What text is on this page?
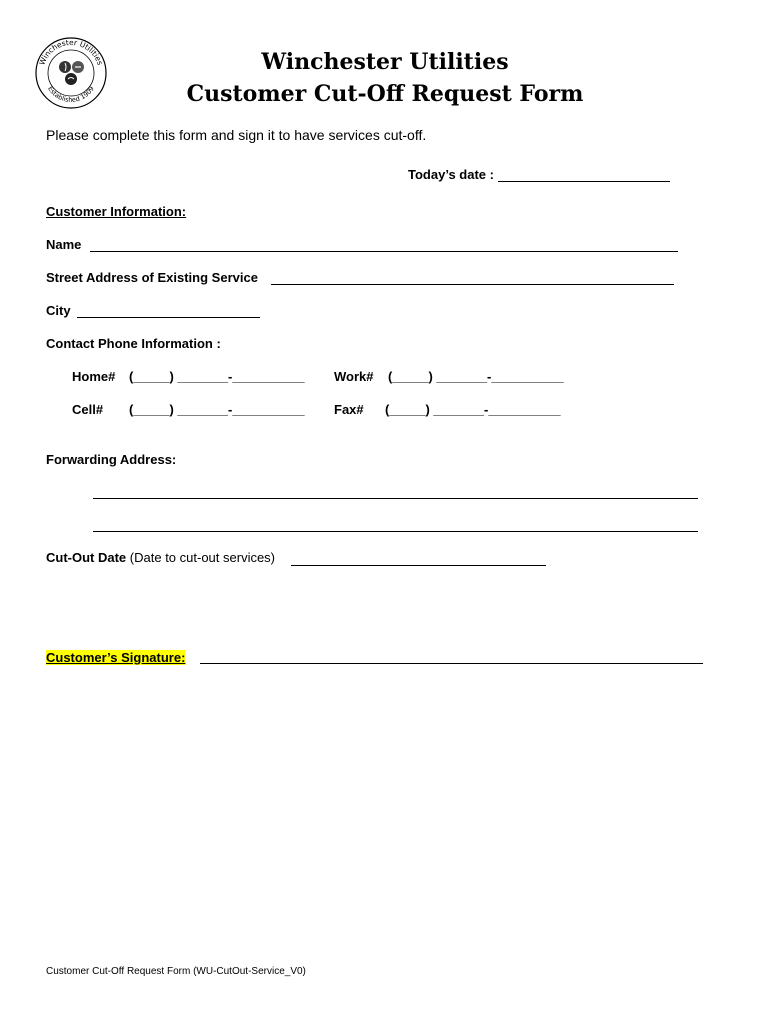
Winchester Utilities
Established 1909
Winchester Utilities
Customer Cut-Off Request Form
Please complete this form and sign it to have services cut-off.
Today’s date :
Customer Information:
Name
Street Address of Existing Service
City
Contact Phone Information :
Home# (_____) _______-__________ Work# (_____) _______-__________
Cell# (_____) _______-__________ Fax# (_____) _______-__________
Forwarding Address:
Cut-Out Date (Date to cut-out services)
Customer’s Signature:
Customer Cut-Off Request Form (WU-CutOut-Service_V0)
